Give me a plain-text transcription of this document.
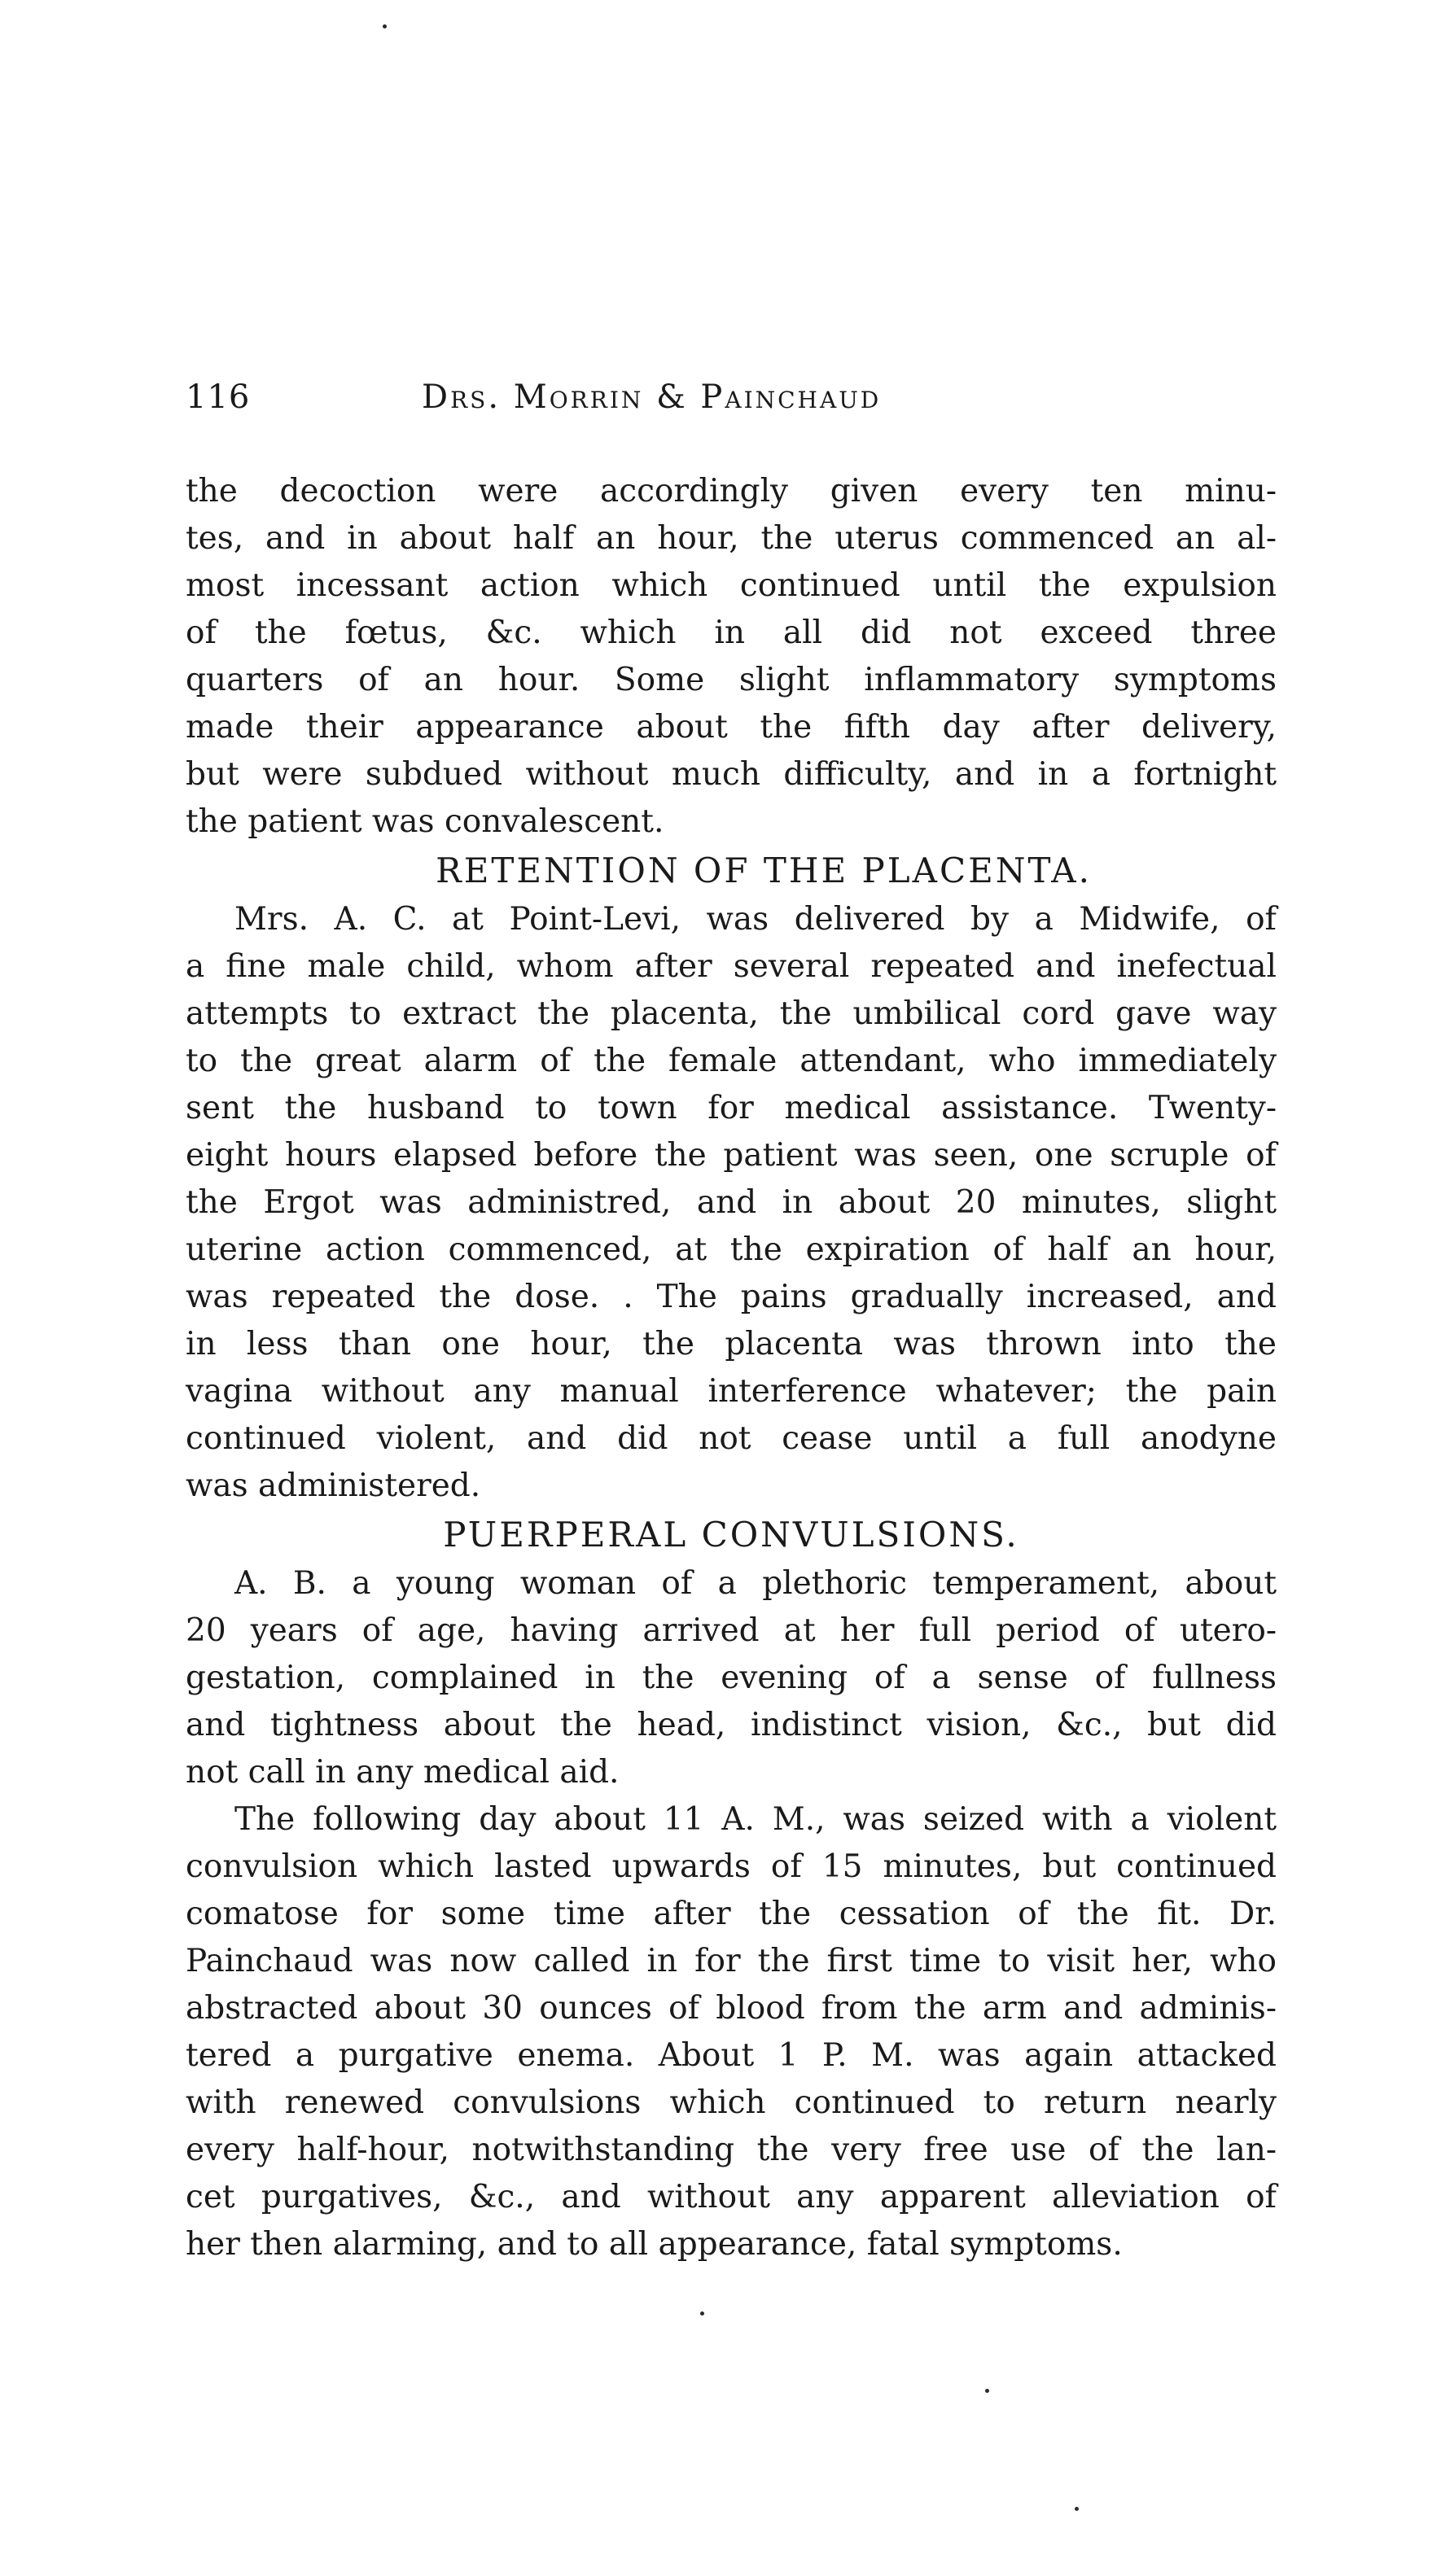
116	Drs. Morrin & Painchaud
the decoction were accordingly given every ten minu-
tes, and in about half an hour, the uterus commenced an al-
most incessant action which continued until the expulsion
of the fœtus, &c. which in all did not exceed three
quarters of an hour. Some slight inflammatory symptoms
made their appearance about the fifth day after delivery,
but were subdued without much difficulty, and in a fortnight
the patient was convalescent.
RETENTION OF THE PLACENTA.
Mrs. A. C. at Point-Levi, was delivered by a Midwife, of
a fine male child, whom after several repeated and inefectual
attempts to extract the placenta, the umbilical cord gave way
to the great alarm of the female attendant, who immediately
sent the husband to town for medical assistance. Twenty-
eight hours elapsed before the patient was seen, one scruple of
the Ergot was administred, and in about 20 minutes, slight
uterine action commenced, at the expiration of half an hour,
was repeated the dose. . The pains gradually increased, and
in less than one hour, the placenta was thrown into the
vagina without any manual interference whatever; the pain
continued violent, and did not cease until a full anodyne
was administered.
PUERPERAL CONVULSIONS.
A. B. a young woman of a plethoric temperament, about
20 years of age, having arrived at her full period of utero-
gestation, complained in the evening of a sense of fullness
and tightness about the head, indistinct vision, &c., but did
not call in any medical aid.
The following day about 11 A. M., was seized with a violent
convulsion which lasted upwards of 15 minutes, but continued
comatose for some time after the cessation of the fit. Dr.
Painchaud was now called in for the first time to visit her, who
abstracted about 30 ounces of blood from the arm and adminis-
tered a purgative enema. About 1 P. M. was again attacked
with renewed convulsions which continued to return nearly
every half-hour, notwithstanding the very free use of the lan-
cet purgatives, &c., and without any apparent alleviation of
her then alarming, and to all appearance, fatal symptoms.
